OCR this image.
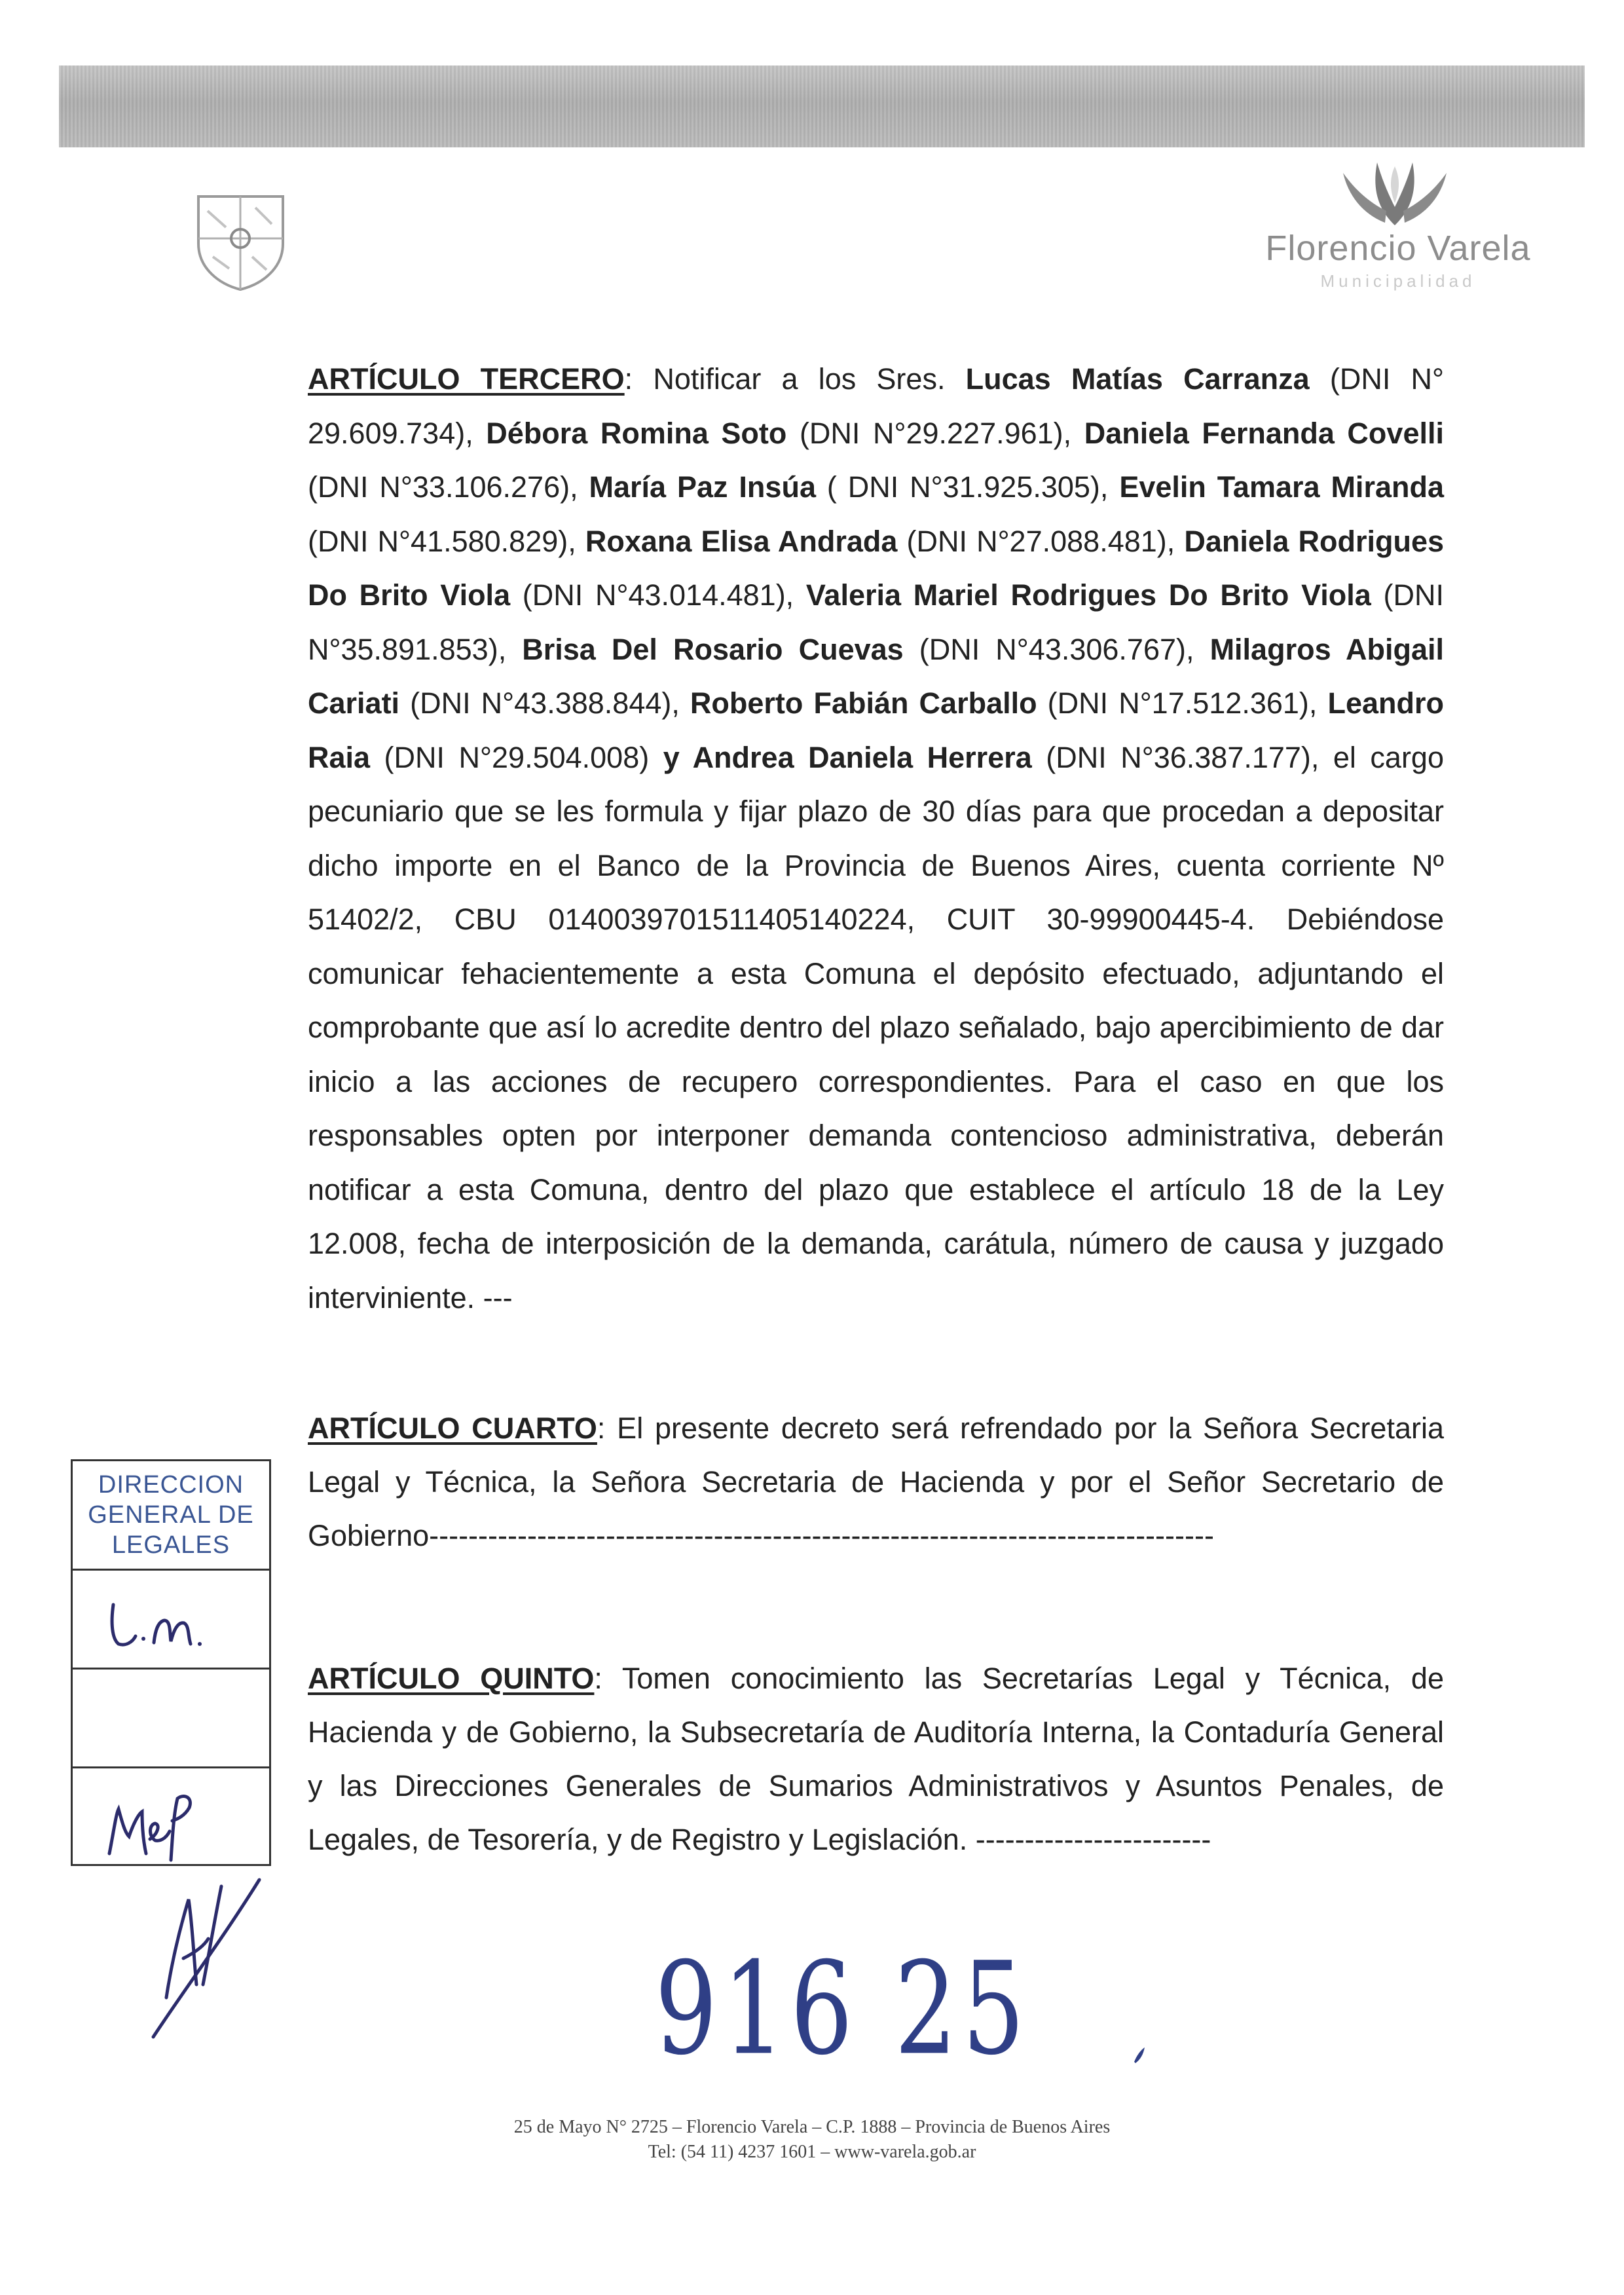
Florencio Varela
Municipalidad

ARTÍCULO TERCERO: Notificar a los Sres. Lucas Matías Carranza (DNI N° 29.609.734), Débora Romina Soto (DNI N°29.227.961), Daniela Fernanda Covelli (DNI N°33.106.276), María Paz Insúa ( DNI N°31.925.305), Evelin Tamara Miranda (DNI N°41.580.829), Roxana Elisa Andrada (DNI N°27.088.481), Daniela Rodrigues Do Brito Viola (DNI N°43.014.481), Valeria Mariel Rodrigues Do Brito Viola (DNI N°35.891.853), Brisa Del Rosario Cuevas (DNI N°43.306.767), Milagros Abigail Cariati (DNI N°43.388.844), Roberto Fabián Carballo (DNI N°17.512.361), Leandro Raia (DNI N°29.504.008) y Andrea Daniela Herrera (DNI N°36.387.177), el cargo pecuniario que se les formula y fijar plazo de 30 días para que procedan a depositar dicho importe en el Banco de la Provincia de Buenos Aires, cuenta corriente Nº 51402/2, CBU 0140039701511405140224, CUIT 30-99900445-4. Debiéndose comunicar fehacientemente a esta Comuna el depósito efectuado, adjuntando el comprobante que así lo acredite dentro del plazo señalado, bajo apercibimiento de dar inicio a las acciones de recupero correspondientes. Para el caso en que los responsables opten por interponer demanda contencioso administrativa, deberán notificar a esta Comuna, dentro del plazo que establece el artículo 18 de la Ley 12.008, fecha de interposición de la demanda, carátula, número de causa y juzgado interviniente. ---

ARTÍCULO CUARTO: El presente decreto será refrendado por la Señora Secretaria Legal y Técnica, la Señora Secretaria de Hacienda y por el Señor Secretario de Gobierno--------------------------------------------------------------------------------

ARTÍCULO QUINTO: Tomen conocimiento las Secretarías Legal y Técnica, de Hacienda y de Gobierno, la Subsecretaría de Auditoría Interna, la Contaduría General y las Direcciones Generales de Sumarios Administrativos y Asuntos Penales, de Legales, de Tesorería, y de Registro y Legislación. ------------------------

DIRECCION
GENERAL DE
LEGALES
916 25
25 de Mayo N° 2725 – Florencio Varela – C.P. 1888 – Provincia de Buenos Aires
Tel: (54 11) 4237 1601 – www-varela.gob.ar
